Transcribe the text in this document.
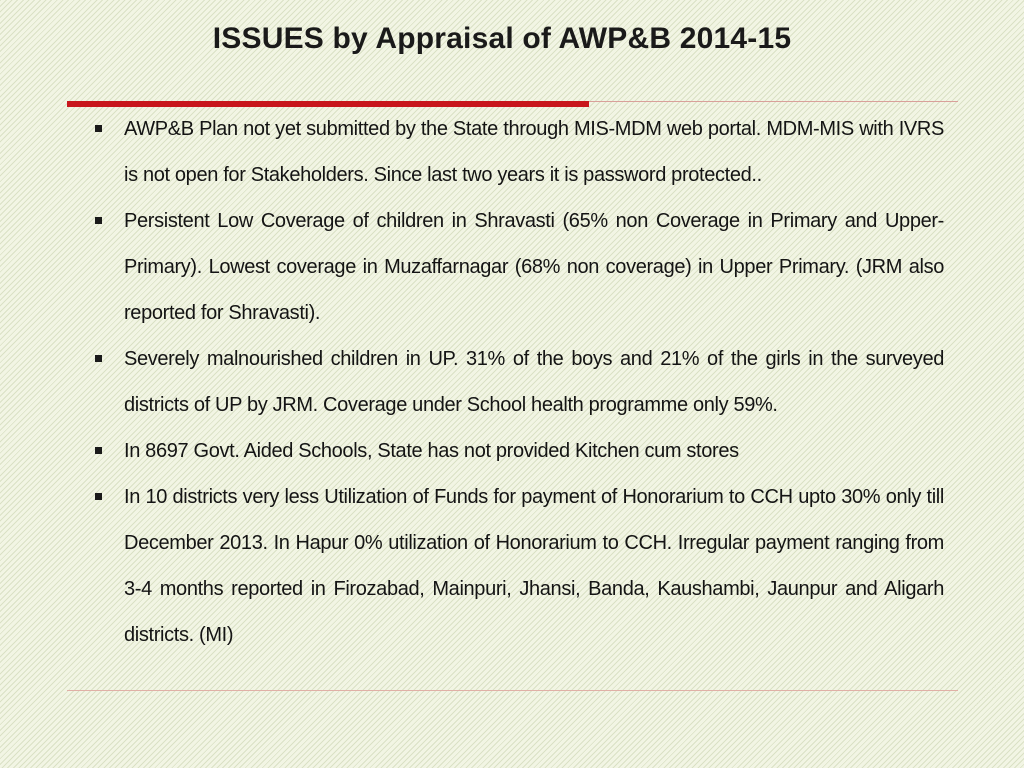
ISSUES by Appraisal of AWP&B 2014-15
AWP&B Plan not yet submitted by the State through MIS-MDM web portal. MDM-MIS with IVRS is not open for Stakeholders. Since last two years it is password protected..
Persistent Low Coverage of children in Shravasti (65% non Coverage in Primary and Upper-Primary). Lowest coverage in Muzaffarnagar (68% non coverage) in Upper Primary. (JRM also reported for Shravasti).
Severely malnourished children in UP. 31% of the boys and 21% of the girls in the surveyed districts of UP by JRM. Coverage under School health programme only 59%.
In 8697 Govt. Aided Schools, State has not provided Kitchen cum stores
In 10 districts very less Utilization of Funds for payment of Honorarium to CCH upto 30% only till December 2013. In Hapur 0% utilization of Honorarium to CCH. Irregular payment ranging from 3-4 months reported in Firozabad, Mainpuri, Jhansi, Banda, Kaushambi, Jaunpur and Aligarh districts. (MI)
